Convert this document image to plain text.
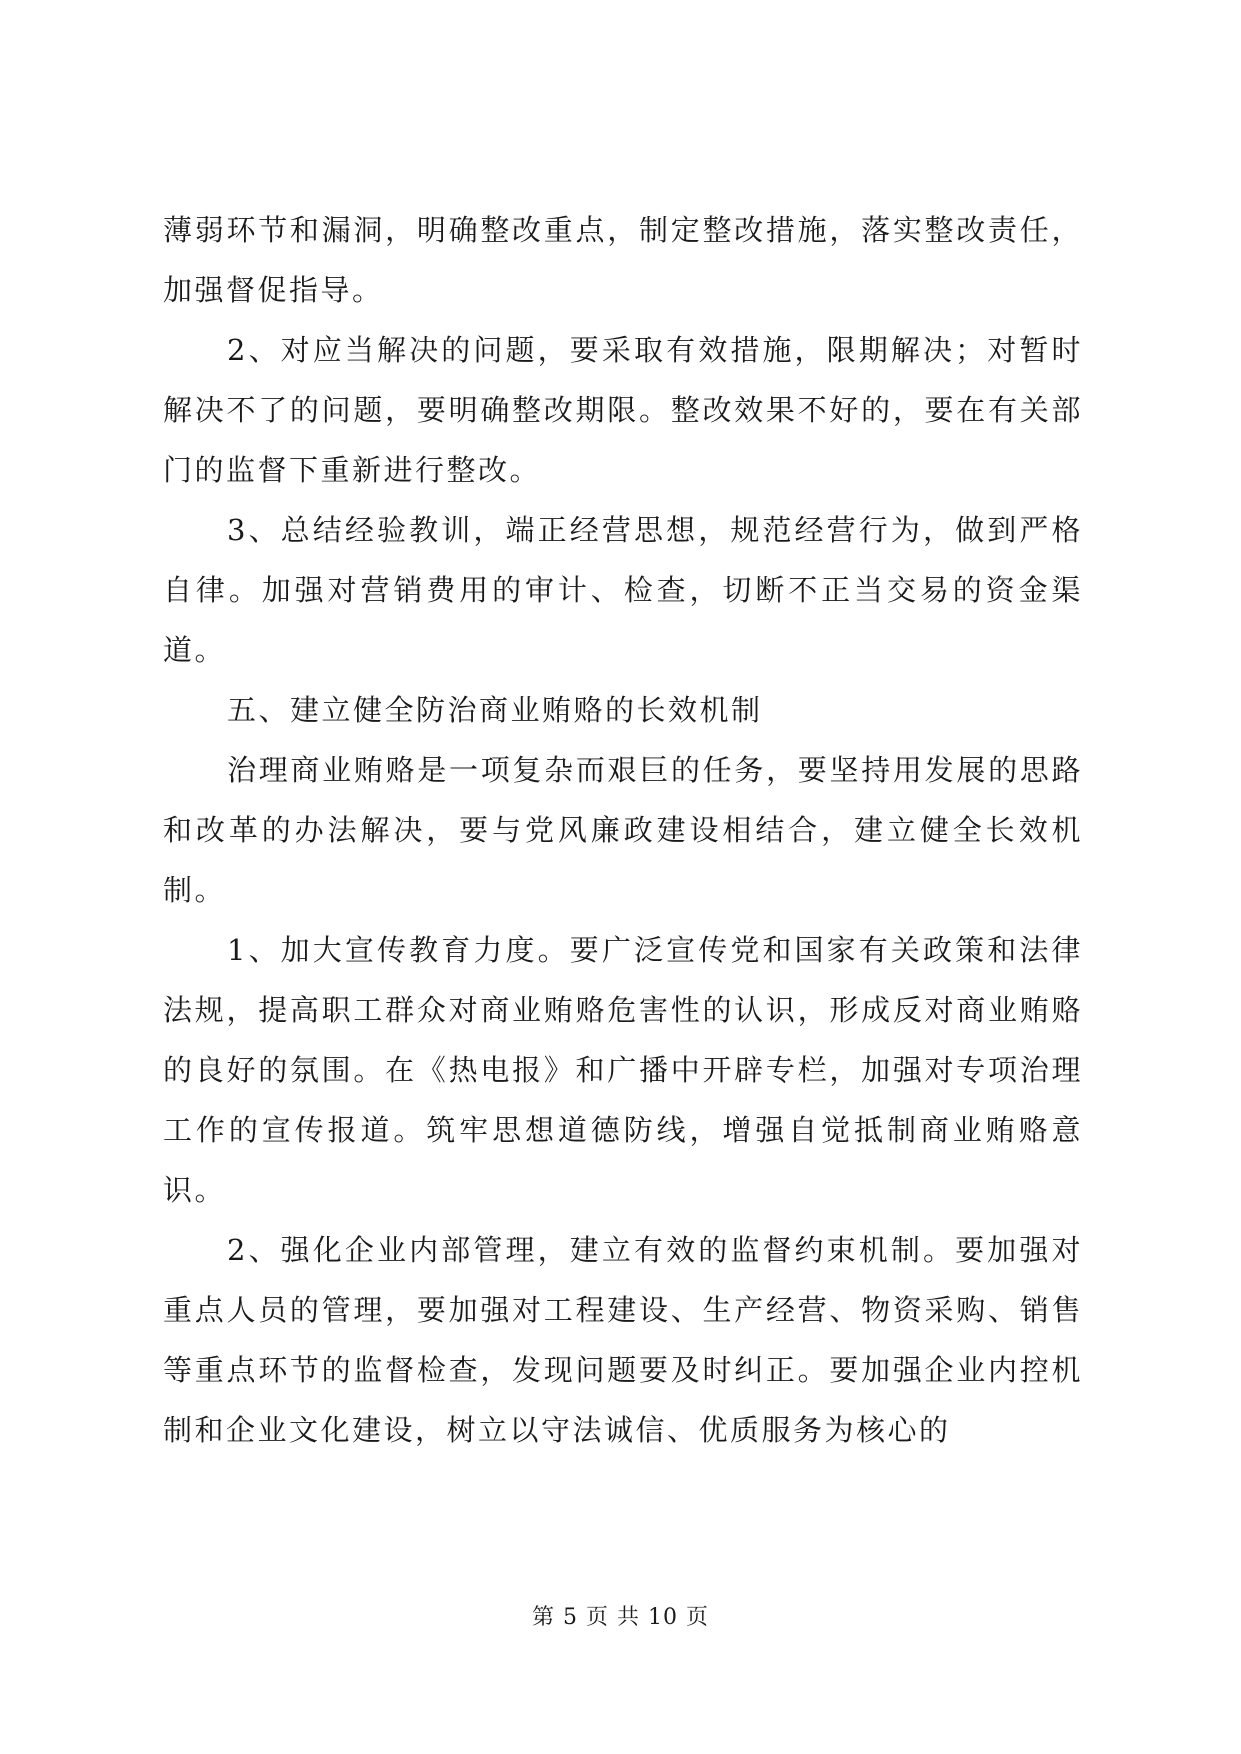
薄弱环节和漏洞，明确整改重点，制定整改措施，落实整改责任，加强督促指导。

2、对应当解决的问题，要采取有效措施，限期解决；对暂时解决不了的问题，要明确整改期限。整改效果不好的，要在有关部门的监督下重新进行整改。

3、总结经验教训，端正经营思想，规范经营行为，做到严格自律。加强对营销费用的审计、检查，切断不正当交易的资金渠道。

五、建立健全防治商业贿赂的长效机制

治理商业贿赂是一项复杂而艰巨的任务，要坚持用发展的思路和改革的办法解决，要与党风廉政建设相结合，建立健全长效机制。

1、加大宣传教育力度。要广泛宣传党和国家有关政策和法律法规，提高职工群众对商业贿赂危害性的认识，形成反对商业贿赂的良好的氛围。在《热电报》和广播中开辟专栏，加强对专项治理工作的宣传报道。筑牢思想道德防线，增强自觉抵制商业贿赂意识。

2、强化企业内部管理，建立有效的监督约束机制。要加强对重点人员的管理，要加强对工程建设、生产经营、物资采购、销售等重点环节的监督检查，发现问题要及时纠正。要加强企业内控机制和企业文化建设，树立以守法诚信、优质服务为核心的

第 5 页 共 10 页
